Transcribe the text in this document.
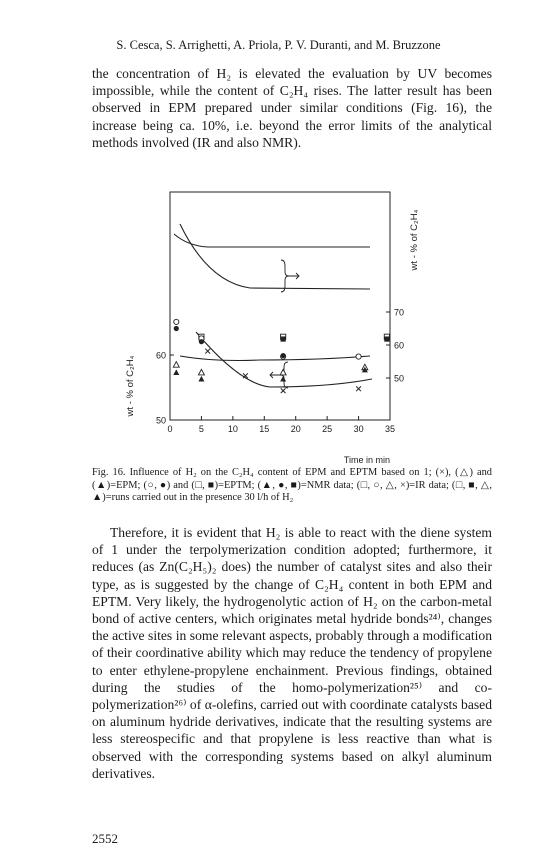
S. Cesca, S. Arrighetti, A. Priola, P. V. Duranti, and M. Bruzzone

the concentration of H₂ is elevated the evaluation by UV becomes impossible, while the content of C₂H₄ rises. The latter result has been observed in EPM prepared under similar conditions (Fig. 16), the increase being ca. 10%, i.e. beyond the error limits of the analytical methods involved (IR and also NMR).

50
60
50
60
70
0	5	10 15 20 25 30 35
Time in min
wt - % of C₂H₄
wt - % of C₂H₄

Fig. 16. Influence of H₂ on the C₂H₄ content of EPM and EPTM based on 1; (×), (△) and (▲)=EPM; (○, ●) and (□, ■)=EPTM; (▲, ●, ■)=NMR data; (□, ○, △, ×)=IR data; (□, ■, △, ▲)=runs carried out in the presence 30 l/h of H₂

Therefore, it is evident that H₂ is able to react with the diene system of 1 under the terpolymerization condition adopted; furthermore, it reduces (as Zn(C₂H₅)₂ does) the number of catalyst sites and also their type, as is suggested by the change of C₂H₄ content in both EPM and EPTM. Very likely, the hydrogenolytic action of H₂ on the carbon-metal bond of active centers, which originates metal hydride bonds²⁴⁾, changes the active sites in some relevant aspects, probably through a modification of their coordinative ability which may reduce the tendency of propylene to enter ethylene-propylene enchainment. Previous findings, obtained during the studies of the homo-polymerization²⁵⁾ and co-polymerization²⁶⁾ of α-olefins, carried out with coordinate catalysts based on aluminum hydride derivatives, indicate that the resulting systems are less stereospecific and that propylene is less reactive than what is observed with the corresponding systems based on alkyl aluminum derivatives.

2552
